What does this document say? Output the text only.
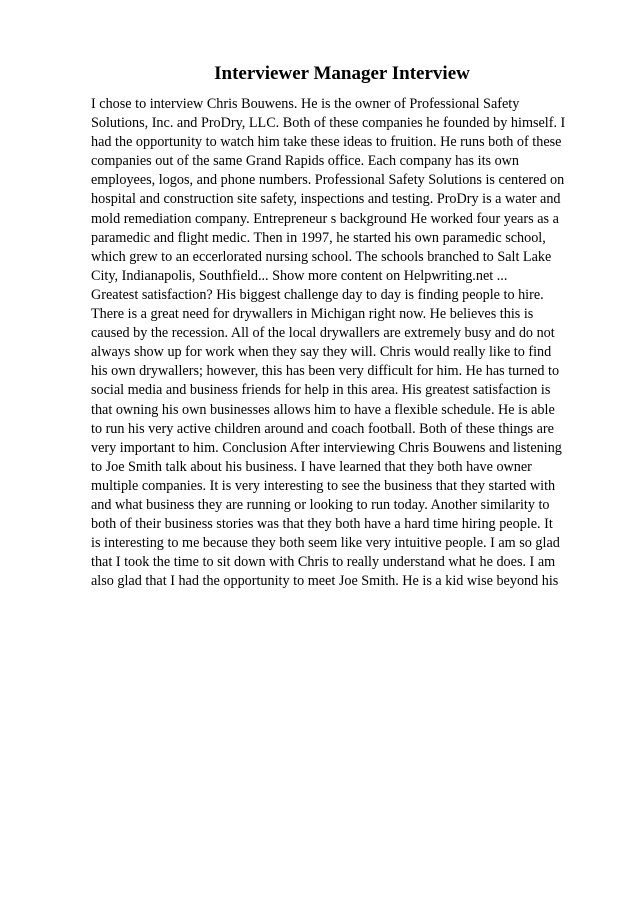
Interviewer Manager Interview
I chose to interview Chris Bouwens. He is the owner of Professional Safety
Solutions, Inc. and ProDry, LLC. Both of these companies he founded by himself. I
had the opportunity to watch him take these ideas to fruition. He runs both of these
companies out of the same Grand Rapids office. Each company has its own
employees, logos, and phone numbers. Professional Safety Solutions is centered on
hospital and construction site safety, inspections and testing. ProDry is a water and
mold remediation company. Entrepreneur s background He worked four years as a
paramedic and flight medic. Then in 1997, he started his own paramedic school,
which grew to an eccerlorated nursing school. The schools branched to Salt Lake
City, Indianapolis, Southfield... Show more content on Helpwriting.net ...
Greatest satisfaction? His biggest challenge day to day is finding people to hire.
There is a great need for drywallers in Michigan right now. He believes this is
caused by the recession. All of the local drywallers are extremely busy and do not
always show up for work when they say they will. Chris would really like to find
his own drywallers; however, this has been very difficult for him. He has turned to
social media and business friends for help in this area. His greatest satisfaction is
that owning his own businesses allows him to have a flexible schedule. He is able
to run his very active children around and coach football. Both of these things are
very important to him. Conclusion After interviewing Chris Bouwens and listening
to Joe Smith talk about his business. I have learned that they both have owner
multiple companies. It is very interesting to see the business that they started with
and what business they are running or looking to run today. Another similarity to
both of their business stories was that they both have a hard time hiring people. It
is interesting to me because they both seem like very intuitive people. I am so glad
that I took the time to sit down with Chris to really understand what he does. I am
also glad that I had the opportunity to meet Joe Smith. He is a kid wise beyond his
